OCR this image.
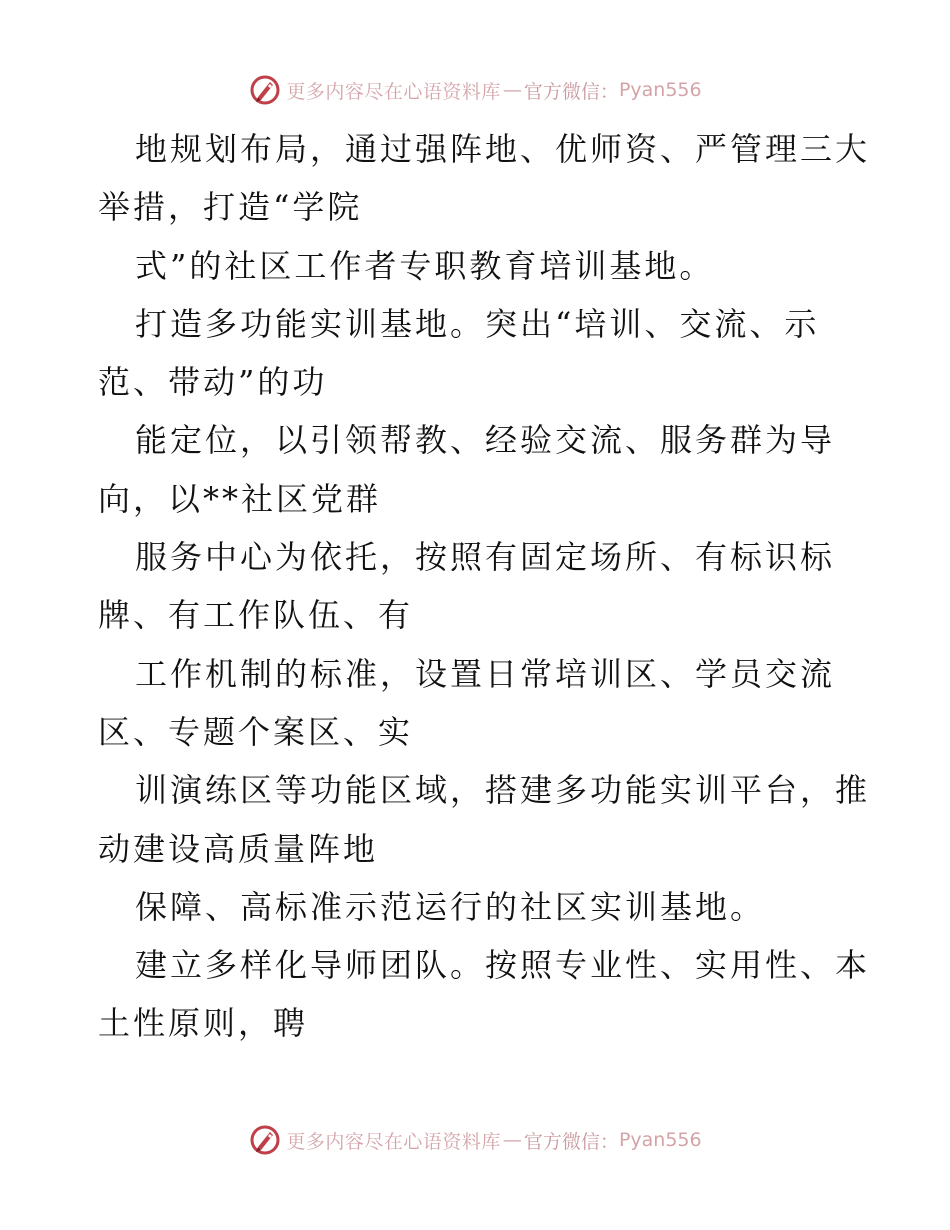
更多内容尽在心语资料库 — 官方微信： Pyan556
地规划布局，通过强阵地、优师资、严管理三大
举措，打造“学院
式”的社区工作者专职教育培训基地。
打造多功能实训基地。突出“培训、交流、示
范、带动”的功
能定位，以引领帮教、经验交流、服务群为导
向，以**社区党群
服务中心为依托，按照有固定场所、有标识标
牌、有工作队伍、有
工作机制的标准，设置日常培训区、学员交流
区、专题个案区、实
训演练区等功能区域，搭建多功能实训平台，推
动建设高质量阵地
保障、高标准示范运行的社区实训基地。
建立多样化导师团队。按照专业性、实用性、本
土性原则，聘
更多内容尽在心语资料库 — 官方微信： Pyan556
